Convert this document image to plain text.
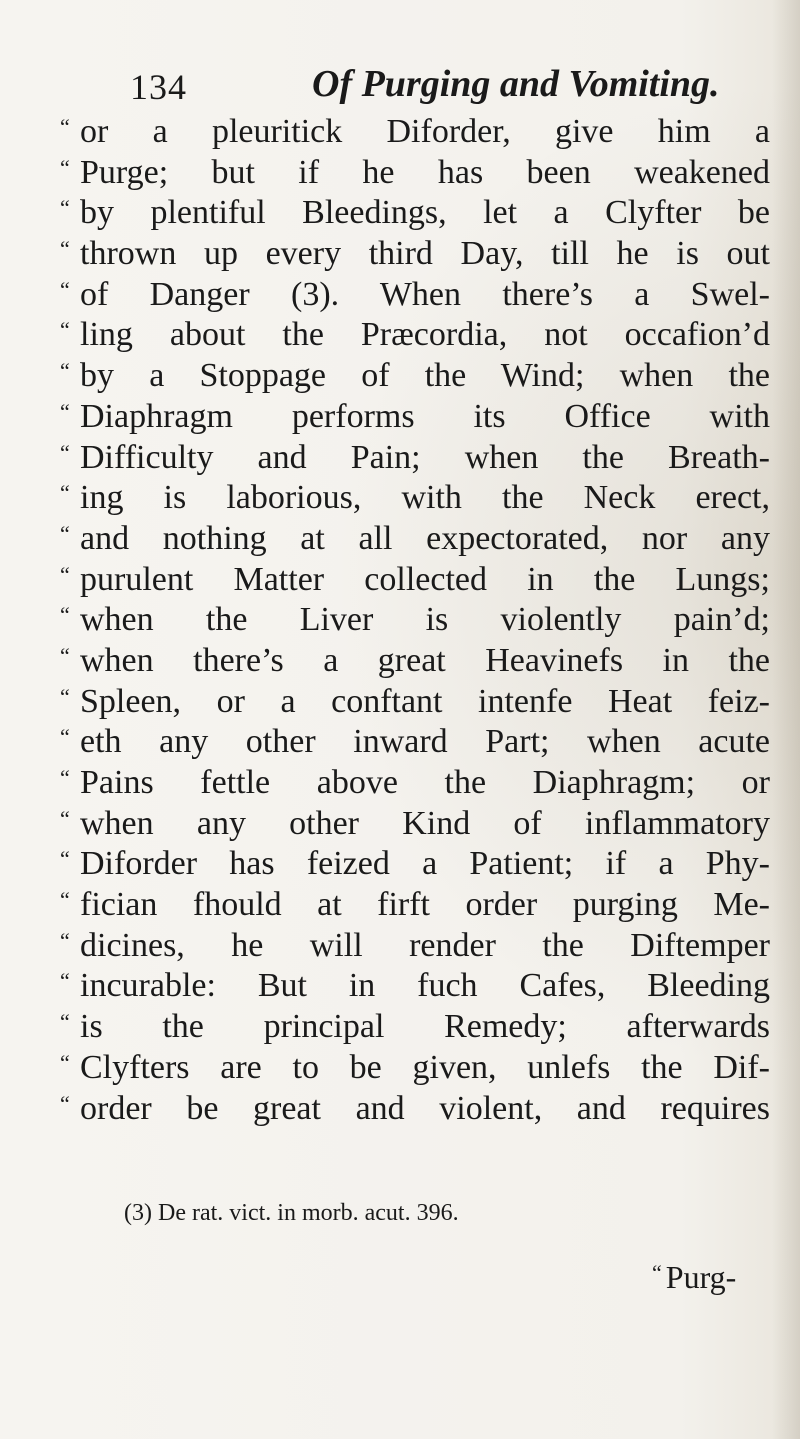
134	Of Purging and Vomiting.
“ or a pleuritick Diforder, give him a
“ Purge; but if he has been weakened
“ by plentiful Bleedings, let a Clyfter be
“ thrown up every third Day, till he is out
“ of Danger (3). When there’s a Swel-
“ ling about the Præcordia, not occafion’d
“ by a Stoppage of the Wind; when the
“ Diaphragm performs its Office with
“ Difficulty and Pain; when the Breath-
“ ing is laborious, with the Neck erect,
“ and nothing at all expectorated, nor any
“ purulent Matter collected in the Lungs;
“ when the Liver is violently pain’d;
“ when there’s a great Heavinefs in the
“ Spleen, or a conftant intenfe Heat feiz-
“ eth any other inward Part; when acute
“ Pains fettle above the Diaphragm; or
“ when any other Kind of inflammatory
“ Diforder has feized a Patient; if a Phy-
“ fician fhould at firft order purging Me-
“ dicines, he will render the Diftemper
“ incurable: But in fuch Cafes, Bleeding
“ is the principal Remedy; afterwards
“ Clyfters are to be given, unlefs the Dif-
“ order be great and violent, and requires
(3) De rat. vict. in morb. acut. 396.
“ Purg-
